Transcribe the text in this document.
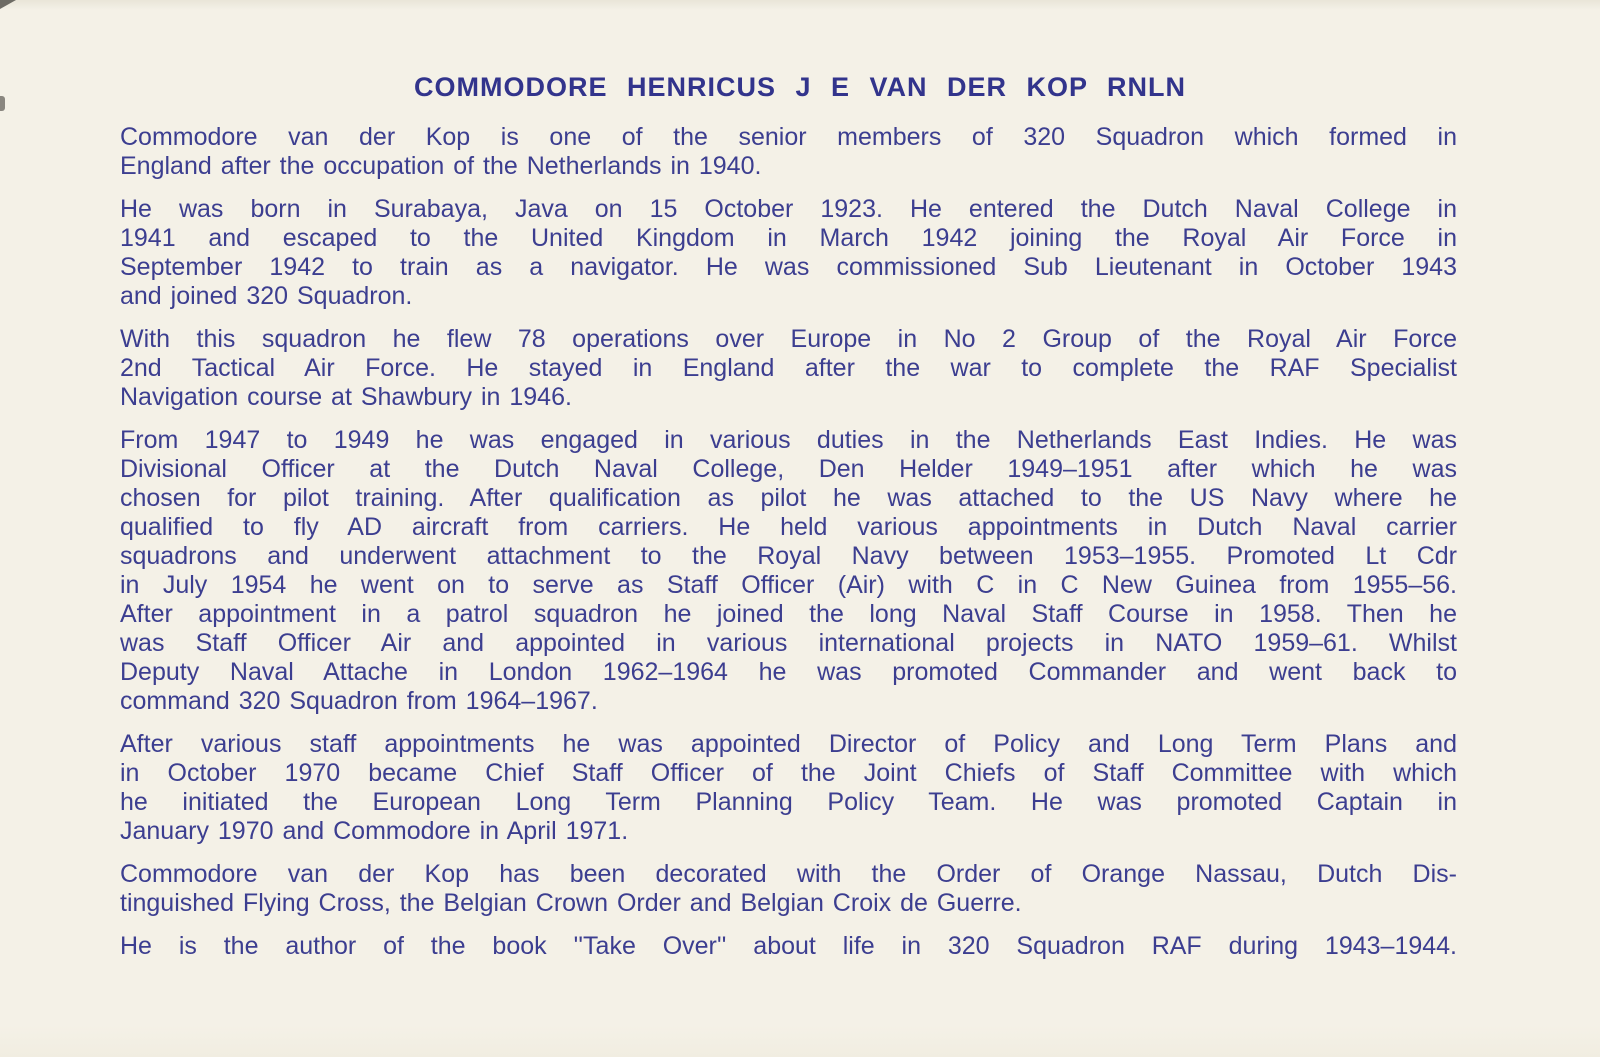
COMMODORE HENRICUS J E VAN DER KOP RNLN

Commodore van der Kop is one of the senior members of 320 Squadron which formed in
England after the occupation of the Netherlands in 1940.

He was born in Surabaya, Java on 15 October 1923. He entered the Dutch Naval College in
1941 and escaped to the United Kingdom in March 1942 joining the Royal Air Force in
September 1942 to train as a navigator. He was commissioned Sub Lieutenant in October 1943
and joined 320 Squadron.

With this squadron he flew 78 operations over Europe in No 2 Group of the Royal Air Force
2nd Tactical Air Force. He stayed in England after the war to complete the RAF Specialist
Navigation course at Shawbury in 1946.

From 1947 to 1949 he was engaged in various duties in the Netherlands East Indies. He was
Divisional Officer at the Dutch Naval College, Den Helder 1949–1951 after which he was
chosen for pilot training. After qualification as pilot he was attached to the US Navy where he
qualified to fly AD aircraft from carriers. He held various appointments in Dutch Naval carrier
squadrons and underwent attachment to the Royal Navy between 1953–1955. Promoted Lt Cdr
in July 1954 he went on to serve as Staff Officer (Air) with C in C New Guinea from 1955–56.
After appointment in a patrol squadron he joined the long Naval Staff Course in 1958. Then he
was Staff Officer Air and appointed in various international projects in NATO 1959–61. Whilst
Deputy Naval Attache in London 1962–1964 he was promoted Commander and went back to
command 320 Squadron from 1964–1967.

After various staff appointments he was appointed Director of Policy and Long Term Plans and
in October 1970 became Chief Staff Officer of the Joint Chiefs of Staff Committee with which
he initiated the European Long Term Planning Policy Team. He was promoted Captain in
January 1970 and Commodore in April 1971.

Commodore van der Kop has been decorated with the Order of Orange Nassau, Dutch Dis-
tinguished Flying Cross, the Belgian Crown Order and Belgian Croix de Guerre.

He is the author of the book ''Take Over'' about life in 320 Squadron RAF during 1943–1944.
